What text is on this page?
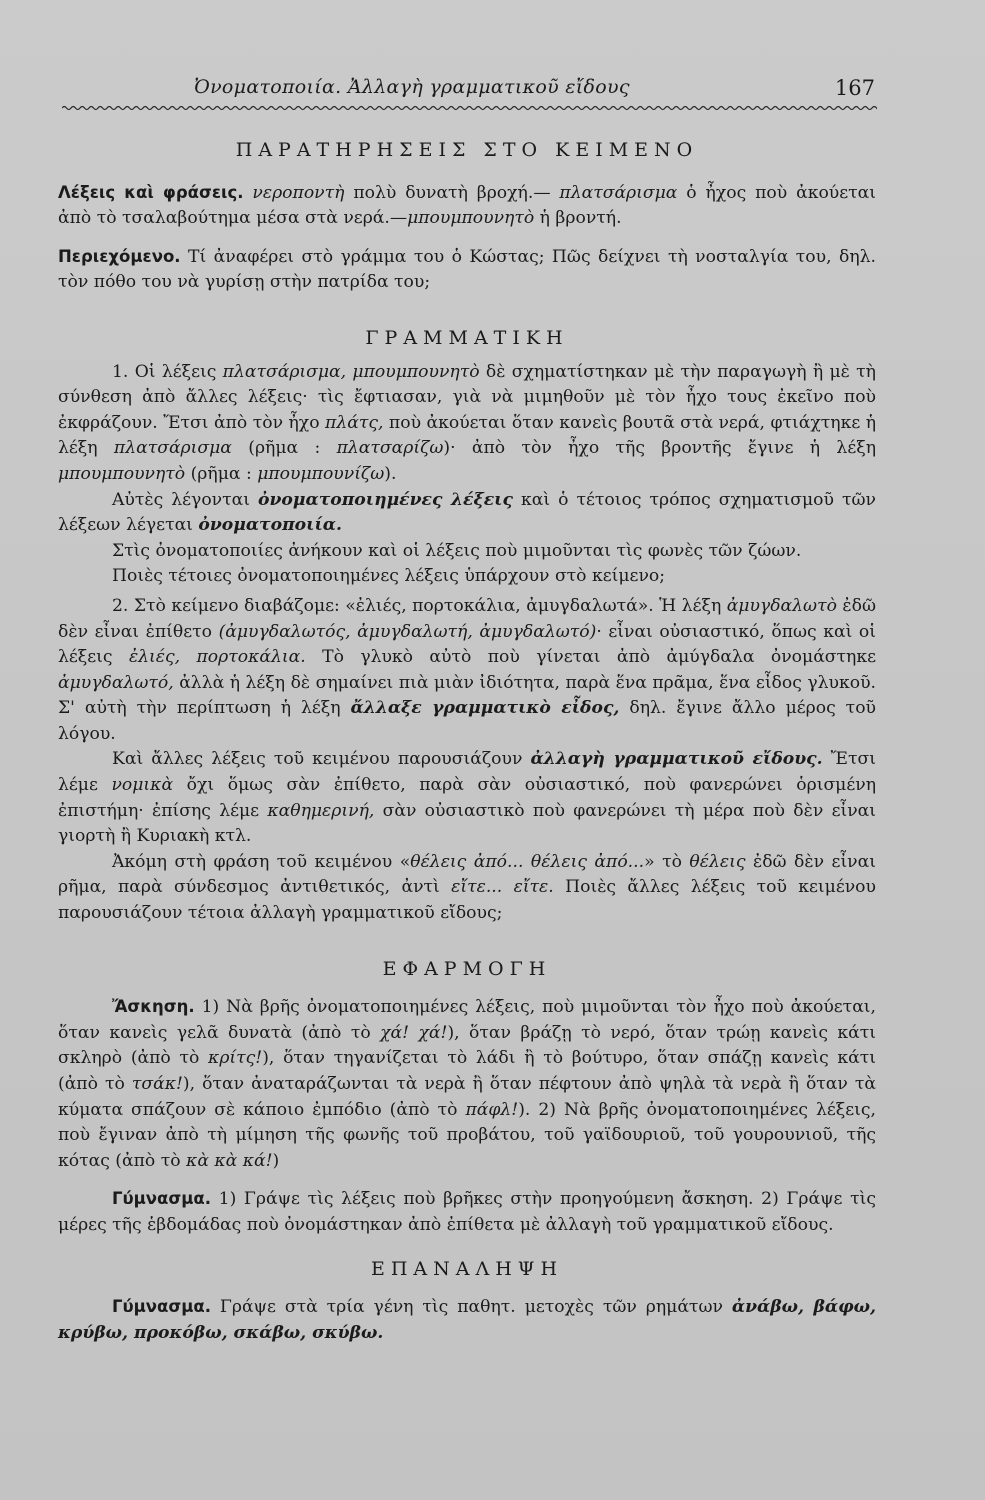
Ὀνοματοποιία. Ἀλλαγὴ γραμματικοῦ εἴδους	167
ΠΑΡΑΤΗΡΗΣΕΙΣ ΣΤΟ ΚΕΙΜΕΝΟ

Λέξεις καὶ φράσεις. νεροποντὴ πολὺ δυνατὴ βροχή.— πλατσάρισμα ὁ ἦχος ποὺ ἀκούεται ἀπὸ τὸ τσαλαβούτημα μέσα στὰ νερά.—μπουμπουνητὸ ἡ βροντή.

Περιεχόμενο. Τί ἀναφέρει στὸ γράμμα του ὁ Κώστας; Πῶς δείχνει τὴ νοσταλγία του, δηλ. τὸν πόθο του νὰ γυρίσῃ στὴν πατρίδα του;

ΓΡΑΜΜΑΤΙΚΗ

1. Οἱ λέξεις πλατσάρισμα, μπουμπουνητὸ δὲ σχηματίστηκαν μὲ τὴν παραγωγὴ ἢ μὲ τὴ σύνθεση ἀπὸ ἄλλες λέξεις· τὶς ἔφτιασαν, γιὰ νὰ μιμηθοῦν μὲ τὸν ἦχο τους ἐκεῖνο ποὺ ἐκφράζουν. Ἔτσι ἀπὸ τὸν ἦχο πλάτς, ποὺ ἀκούεται ὅταν κανεὶς βουτᾶ στὰ νερά, φτιάχτηκε ἡ λέξη πλατσάρισμα (ρῆμα : πλατσαρίζω)· ἀπὸ τὸν ἦχο τῆς βροντῆς ἔγινε ἡ λέξη μπουμπουνητὸ (ρῆμα : μπουμπουνίζω).

Αὐτὲς λέγονται ὀνοματοποιημένες λέξεις καὶ ὁ τέτοιος τρόπος σχηματισμοῦ τῶν λέξεων λέγεται ὀνοματοποιία.

Στὶς ὀνοματοποιίες ἀνήκουν καὶ οἱ λέξεις ποὺ μιμοῦνται τὶς φωνὲς τῶν ζώων.

Ποιὲς τέτοιες ὀνοματοποιημένες λέξεις ὑπάρχουν στὸ κείμενο;

2. Στὸ κείμενο διαβάζομε: «ἐλιές, πορτοκάλια, ἀμυγδαλωτά». Ἡ λέξη ἀμυγδαλωτὸ ἐδῶ δὲν εἶναι ἐπίθετο (ἀμυγδαλωτός, ἀμυγδαλωτή, ἀμυγδαλωτό)· εἶναι οὐσιαστικό, ὅπως καὶ οἱ λέξεις ἐλιές, πορτοκάλια. Τὸ γλυκὸ αὐτὸ ποὺ γίνεται ἀπὸ ἀμύγδαλα ὀνομάστηκε ἀμυγδαλωτό, ἀλλὰ ἡ λέξη δὲ σημαίνει πιὰ μιὰν ἰδιότητα, παρὰ ἕνα πρᾶμα, ἕνα εἶδος γλυκοῦ. Σ' αὐτὴ τὴν περίπτωση ἡ λέξη ἄλλαξε γραμματικὸ εἶδος, δηλ. ἔγινε ἄλλο μέρος τοῦ λόγου.

Καὶ ἄλλες λέξεις τοῦ κειμένου παρουσιάζουν ἀλλαγὴ γραμματικοῦ εἴδους. Ἔτσι λέμε νομικὰ ὄχι ὅμως σὰν ἐπίθετο, παρὰ σὰν οὐσιαστικό, ποὺ φανερώνει ὁρισμένη ἐπιστήμη· ἐπίσης λέμε καθημερινή, σὰν οὐσιαστικὸ ποὺ φανερώνει τὴ μέρα ποὺ δὲν εἶναι γιορτὴ ἢ Κυριακὴ κτλ.

Ἀκόμη στὴ φράση τοῦ κειμένου «θέλεις ἀπό... θέλεις ἀπό...» τὸ θέλεις ἐδῶ δὲν εἶναι ρῆμα, παρὰ σύνδεσμος ἀντιθετικός, ἀντὶ εἴτε... εἴτε. Ποιὲς ἄλλες λέξεις τοῦ κειμένου παρουσιάζουν τέτοια ἀλλαγὴ γραμματικοῦ εἴδους;

ΕΦΑΡΜΟΓΗ

Ἄσκηση. 1) Νὰ βρῆς ὀνοματοποιημένες λέξεις, ποὺ μιμοῦνται τὸν ἦχο ποὺ ἀκούεται, ὅταν κανεὶς γελᾶ δυνατὰ (ἀπὸ τὸ χά! χά!), ὅταν βράζῃ τὸ νερό, ὅταν τρώῃ κανεὶς κάτι σκληρὸ (ἀπὸ τὸ κρίτς!), ὅταν τηγανίζεται τὸ λάδι ἢ τὸ βούτυρο, ὅταν σπάζῃ κανεὶς κάτι (ἀπὸ τὸ τσάκ!), ὅταν ἀναταράζωνται τὰ νερὰ ἢ ὅταν πέφτουν ἀπὸ ψηλὰ τὰ νερὰ ἢ ὅταν τὰ κύματα σπάζουν σὲ κάποιο ἐμπόδιο (ἀπὸ τὸ πάφλ!). 2) Νὰ βρῆς ὀνοματοποιημένες λέξεις, ποὺ ἔγιναν ἀπὸ τὴ μίμηση τῆς φωνῆς τοῦ προβάτου, τοῦ γαϊδουριοῦ, τοῦ γουρουνιοῦ, τῆς κότας (ἀπὸ τὸ κὰ κὰ κά!)

Γύμνασμα. 1) Γράψε τὶς λέξεις ποὺ βρῆκες στὴν προηγούμενη ἄσκηση. 2) Γράψε τὶς μέρες τῆς ἑβδομάδας ποὺ ὀνομάστηκαν ἀπὸ ἐπίθετα μὲ ἀλλαγὴ τοῦ γραμματικοῦ εἴδους.

ΕΠΑΝΑΛΗΨΗ

Γύμνασμα. Γράψε στὰ τρία γένη τὶς παθητ. μετοχὲς τῶν ρημάτων ἀνάβω, βάφω, κρύβω, προκόβω, σκάβω, σκύβω.
